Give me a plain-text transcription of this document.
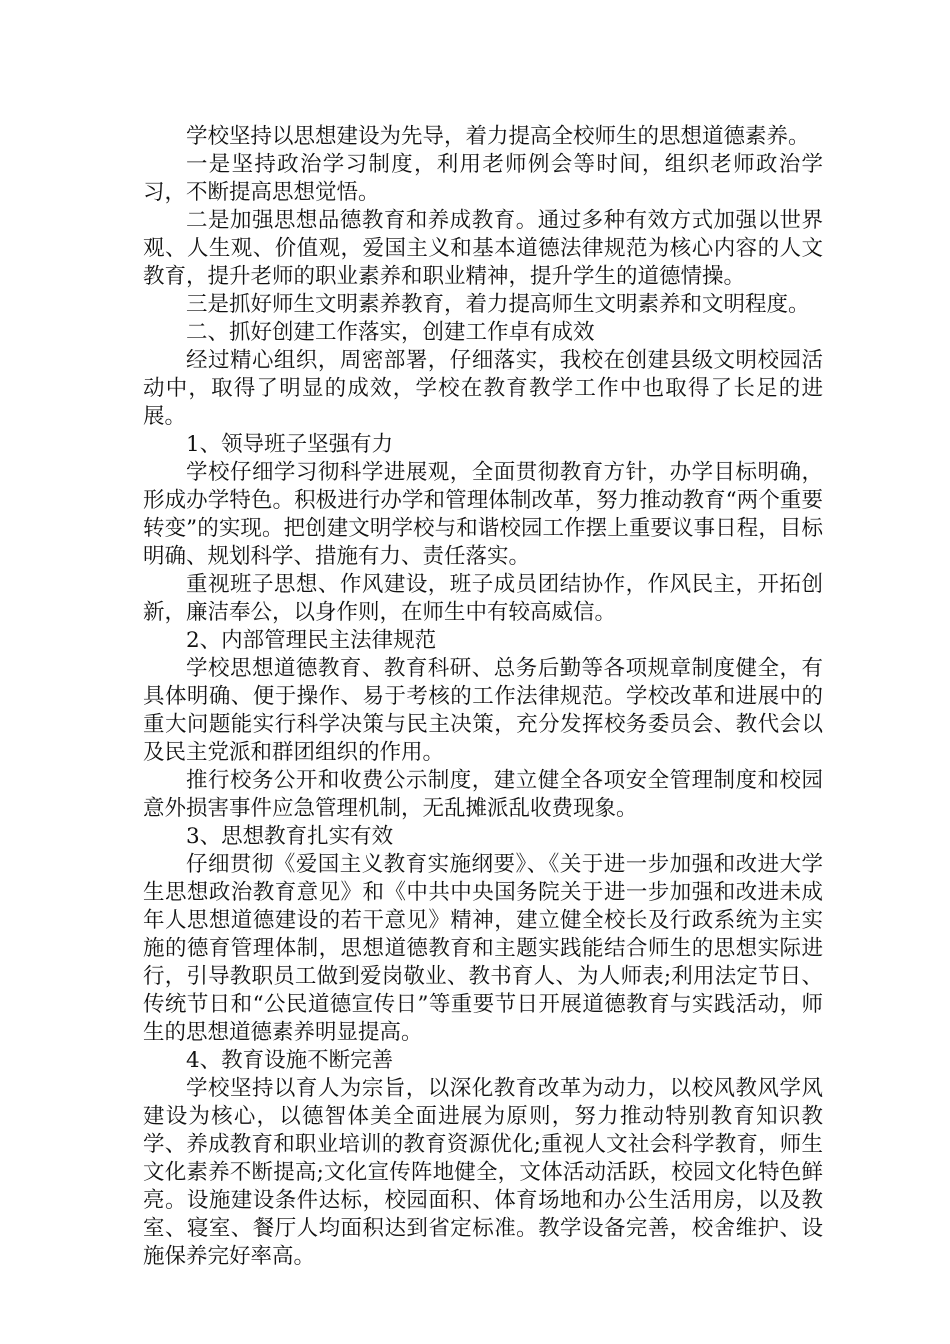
学校坚持以思想建设为先导，着力提高全校师生的思想道德素养。

一是坚持政治学习制度，利用老师例会等时间，组织老师政治学习，不断提高思想觉悟。

二是加强思想品德教育和养成教育。通过多种有效方式加强以世界观、人生观、价值观，爱国主义和基本道德法律规范为核心内容的人文教育，提升老师的职业素养和职业精神，提升学生的道德情操。

三是抓好师生文明素养教育，着力提高师生文明素养和文明程度。

二、抓好创建工作落实，创建工作卓有成效

经过精心组织，周密部署，仔细落实，我校在创建县级文明校园活动中，取得了明显的成效，学校在教育教学工作中也取得了长足的进展。

1、领导班子坚强有力

学校仔细学习彻科学进展观，全面贯彻教育方针，办学目标明确，形成办学特色。积极进行办学和管理体制改革，努力推动教育“两个重要转变”的实现。把创建文明学校与和谐校园工作摆上重要议事日程，目标明确、规划科学、措施有力、责任落实。

重视班子思想、作风建设，班子成员团结协作，作风民主，开拓创新，廉洁奉公，以身作则，在师生中有较高威信。

2、内部管理民主法律规范

学校思想道德教育、教育科研、总务后勤等各项规章制度健全，有具体明确、便于操作、易于考核的工作法律规范。学校改革和进展中的重大问题能实行科学决策与民主决策，充分发挥校务委员会、教代会以及民主党派和群团组织的作用。

推行校务公开和收费公示制度，建立健全各项安全管理制度和校园意外损害事件应急管理机制，无乱摊派乱收费现象。

3、思想教育扎实有效

仔细贯彻《爱国主义教育实施纲要》、《关于进一步加强和改进大学生思想政治教育意见》和《中共中央国务院关于进一步加强和改进未成年人思想道德建设的若干意见》精神，建立健全校长及行政系统为主实施的德育管理体制，思想道德教育和主题实践能结合师生的思想实际进行，引导教职员工做到爱岗敬业、教书育人、为人师表;利用法定节日、传统节日和“公民道德宣传日”等重要节日开展道德教育与实践活动，师生的思想道德素养明显提高。

4、教育设施不断完善

学校坚持以育人为宗旨，以深化教育改革为动力，以校风教风学风建设为核心，以德智体美全面进展为原则，努力推动特别教育知识教学、养成教育和职业培训的教育资源优化;重视人文社会科学教育，师生文化素养不断提高;文化宣传阵地健全，文体活动活跃，校园文化特色鲜亮。设施建设条件达标，校园面积、体育场地和办公生活用房，以及教室、寝室、餐厅人均面积达到省定标准。教学设备完善，校舍维护、设施保养完好率高。
